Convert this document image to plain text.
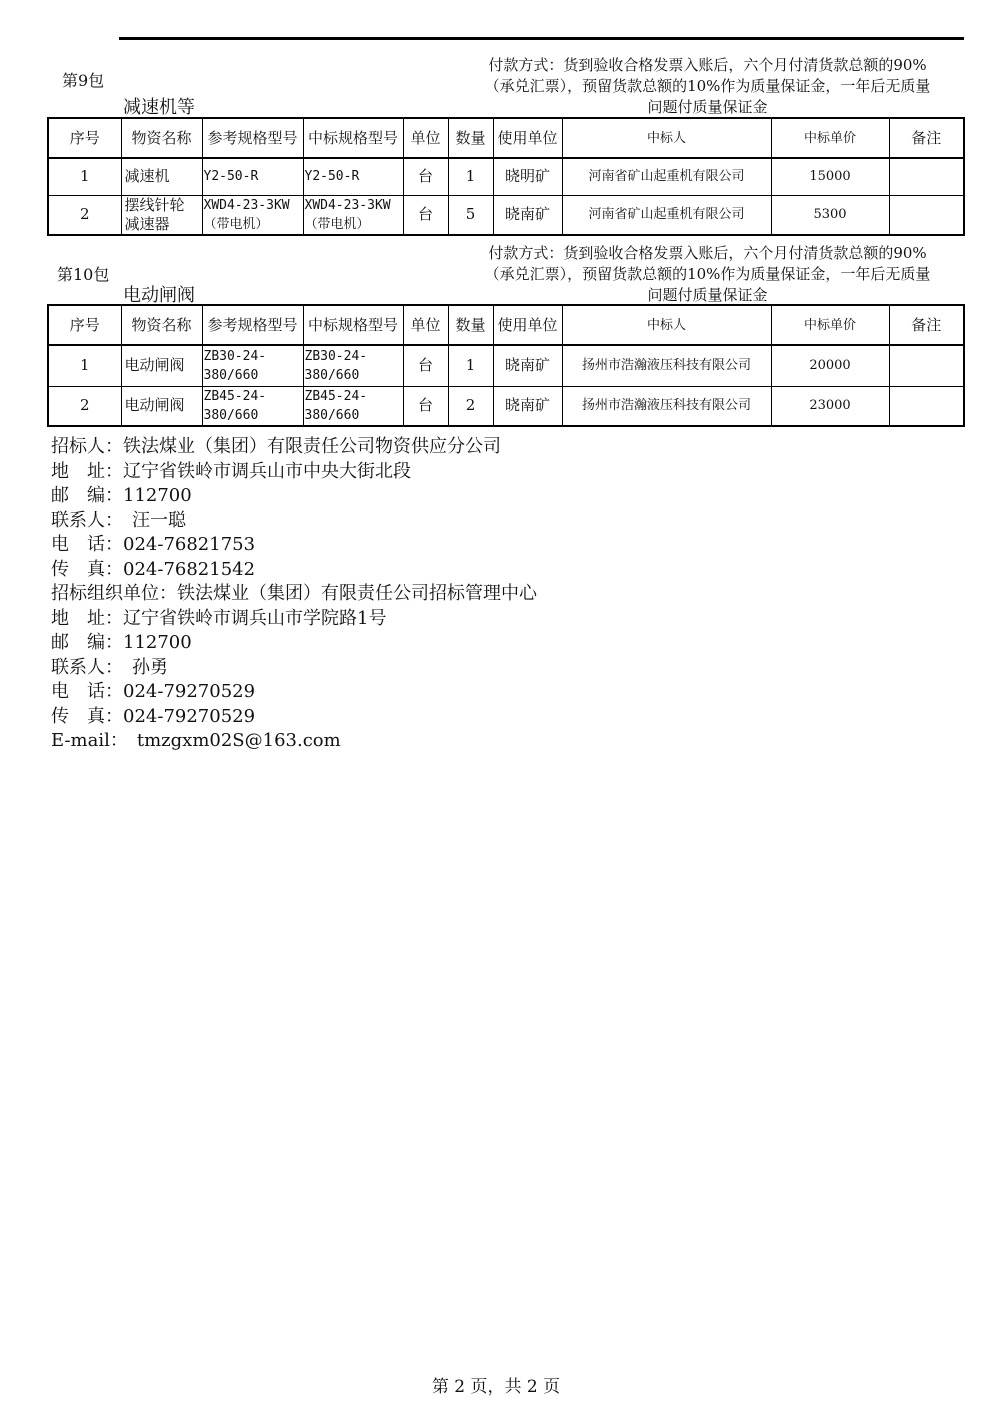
第9包
减速机等
付款方式：货到验收合格发票入账后，六个月付清货款总额的90%
（承兑汇票），预留货款总额的10%作为质量保证金，一年后无质量
问题付质量保证金
序号	物资名称	参考规格型号	中标规格型号	单位	数量	使用单位	中标人	中标单价	备注
1	减速机	Y2-50-R	Y2-50-R	台	1	晓明矿	河南省矿山起重机有限公司	15000	
2	摆线针轮减速器	XWD4-23-3KW（带电机）	XWD4-23-3KW（带电机）	台	5	晓南矿	河南省矿山起重机有限公司	5300	
第10包
电动闸阀
付款方式：货到验收合格发票入账后，六个月付清货款总额的90%
（承兑汇票），预留货款总额的10%作为质量保证金，一年后无质量
问题付质量保证金
序号	物资名称	参考规格型号	中标规格型号	单位	数量	使用单位	中标人	中标单价	备注
1	电动闸阀	ZB30-24-380/660	ZB30-24-380/660	台	1	晓南矿	扬州市浩瀚液压科技有限公司	20000	
2	电动闸阀	ZB45-24-380/660	ZB45-24-380/660	台	2	晓南矿	扬州市浩瀚液压科技有限公司	23000	
招标人：铁法煤业（集团）有限责任公司物资供应分公司
地　址：辽宁省铁岭市调兵山市中央大街北段
邮　编：112700
联系人：　汪一聪
电　话：024-76821753
传　真：024-76821542
招标组织单位：铁法煤业（集团）有限责任公司招标管理中心
地　址：辽宁省铁岭市调兵山市学院路1号
邮　编：112700
联系人：　孙勇
电　话：024-79270529
传　真：024-79270529
E-mail：　tmzgxm02S@163.com
第 2 页，共 2 页
